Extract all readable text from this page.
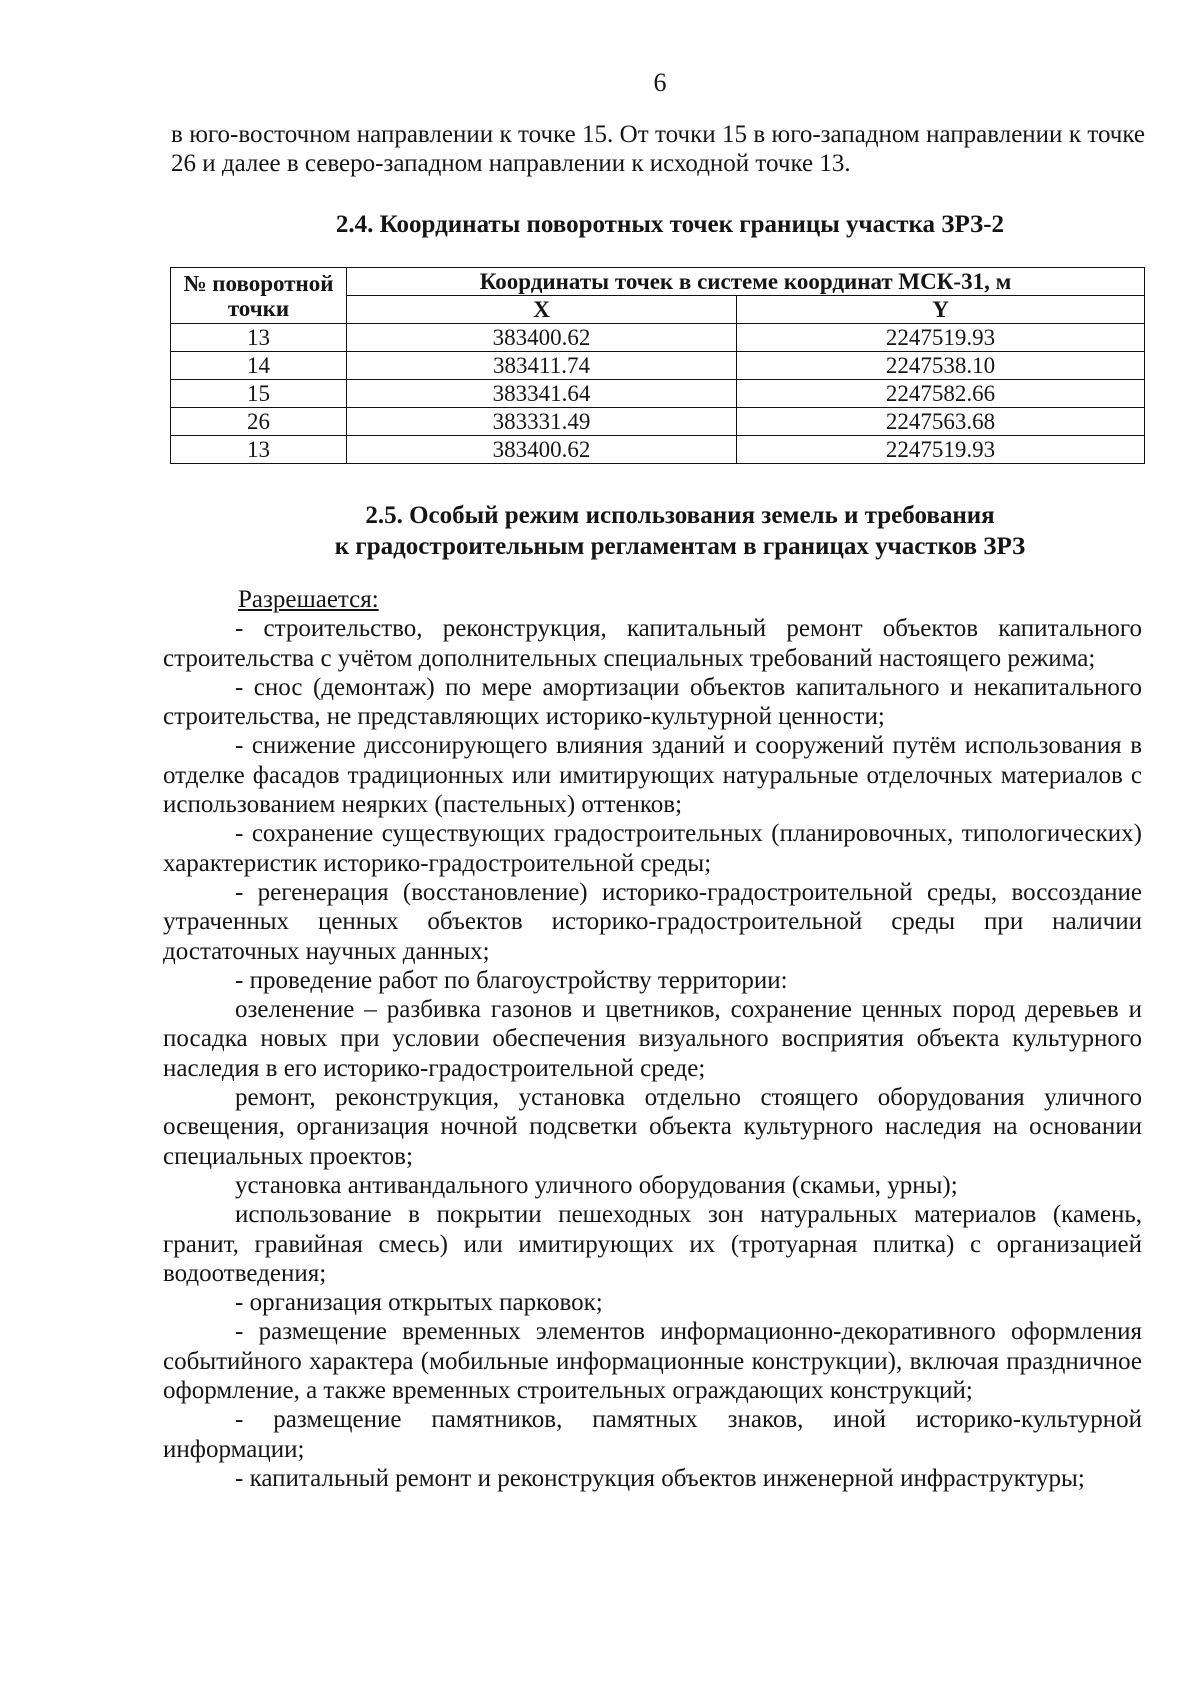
6

в юго-восточном направлении к точке 15. От точки 15 в юго-западном направлении к точке 26 и далее в северо-западном направлении к исходной точке 13.

2.4. Координаты поворотных точек границы участка ЗРЗ-2
№ поворотной точки	Координаты точек в системе координат МСК-31, м	
	X	Y
13	383400.62	2247519.93
14	383411.74	2247538.10
15	383341.64	2247582.66
26	383331.49	2247563.68
13	383400.62	2247519.93
2.5. Особый режим использования земель и требования
к градостроительным регламентам в границах участков ЗРЗ

Разрешается:

- строительство, реконструкция, капитальный ремонт объектов капитального строительства с учётом дополнительных специальных требований настоящего режима;

- снос (демонтаж) по мере амортизации объектов капитального и некапитального строительства, не представляющих историко-культурной ценности;

- снижение диссонирующего влияния зданий и сооружений путём использования в отделке фасадов традиционных или имитирующих натуральные отделочных материалов с использованием неярких (пастельных) оттенков;

- сохранение существующих градостроительных (планировочных, типологических) характеристик историко-градостроительной среды;

- регенерация (восстановление) историко-градостроительной среды, воссоздание утраченных ценных объектов историко-градостроительной среды при наличии достаточных научных данных;

- проведение работ по благоустройству территории:

озеленение – разбивка газонов и цветников, сохранение ценных пород деревьев и посадка новых при условии обеспечения визуального восприятия объекта культурного наследия в его историко-градостроительной среде;

ремонт, реконструкция, установка отдельно стоящего оборудования уличного освещения, организация ночной подсветки объекта культурного наследия на основании специальных проектов;

установка антивандального уличного оборудования (скамьи, урны);

использование в покрытии пешеходных зон натуральных материалов (камень, гранит, гравийная смесь) или имитирующих их (тротуарная плитка) с организацией водоотведения;

- организация открытых парковок;

- размещение временных элементов информационно-декоративного оформления событийного характера (мобильные информационные конструкции), включая праздничное оформление, а также временных строительных ограждающих конструкций;

- размещение памятников, памятных знаков, иной историко-культурной информации;

- капитальный ремонт и реконструкция объектов инженерной инфраструктуры;
